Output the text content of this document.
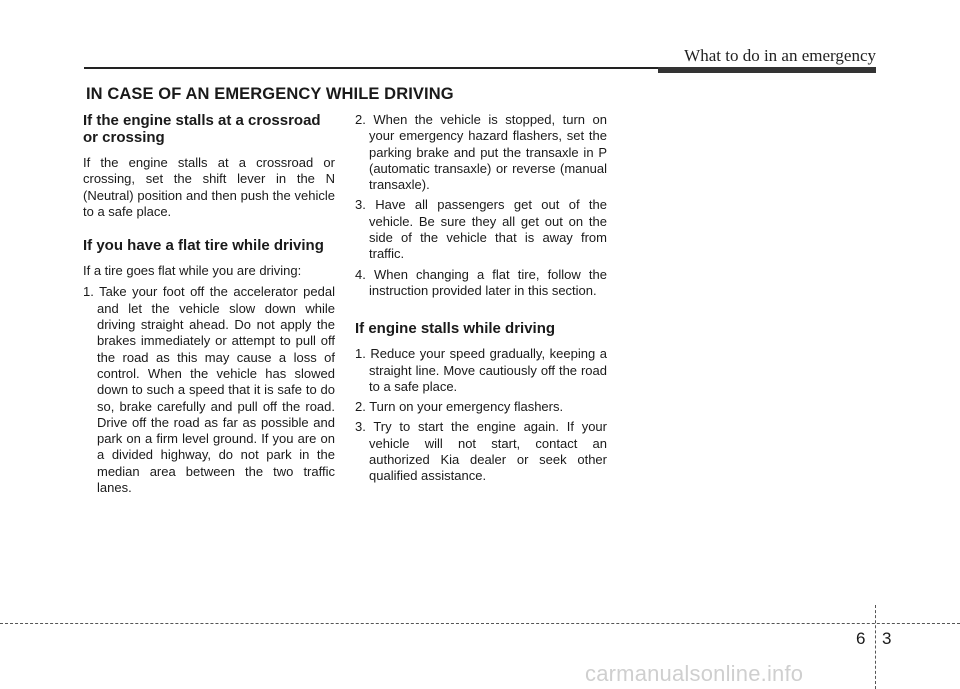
What to do in an emergency
IN CASE OF AN EMERGENCY WHILE DRIVING
If the engine stalls at a crossroad or crossing

If the engine stalls at a crossroad or crossing, set the shift lever in the N (Neutral) position and then push the vehicle to a safe place.

If you have a flat tire while driving

If a tire goes flat while you are driving:

1. Take your foot off the accelerator pedal and let the vehicle slow down while driving straight ahead. Do not apply the brakes immediately or attempt to pull off the road as this may cause a loss of control. When the vehicle has slowed down to such a speed that it is safe to do so, brake carefully and pull off the road. Drive off the road as far as possible and park on a firm level ground. If you are on a divided highway, do not park in the median area between the two traffic lanes.
2. When the vehicle is stopped, turn on your emergency hazard flashers, set the parking brake and put the transaxle in P (automatic transaxle) or reverse (manual transaxle).
3. Have all passengers get out of the vehicle. Be sure they all get out on the side of the vehicle that is away from traffic.
4. When changing a flat tire, follow the instruction provided later in this section.
If engine stalls while driving
1. Reduce your speed gradually, keeping a straight line. Move cautiously off the road to a safe place.
2. Turn on your emergency flashers.
3. Try to start the engine again. If your vehicle will not start, contact an authorized Kia dealer or seek other qualified assistance.
6 3
carmanualsonline.info
